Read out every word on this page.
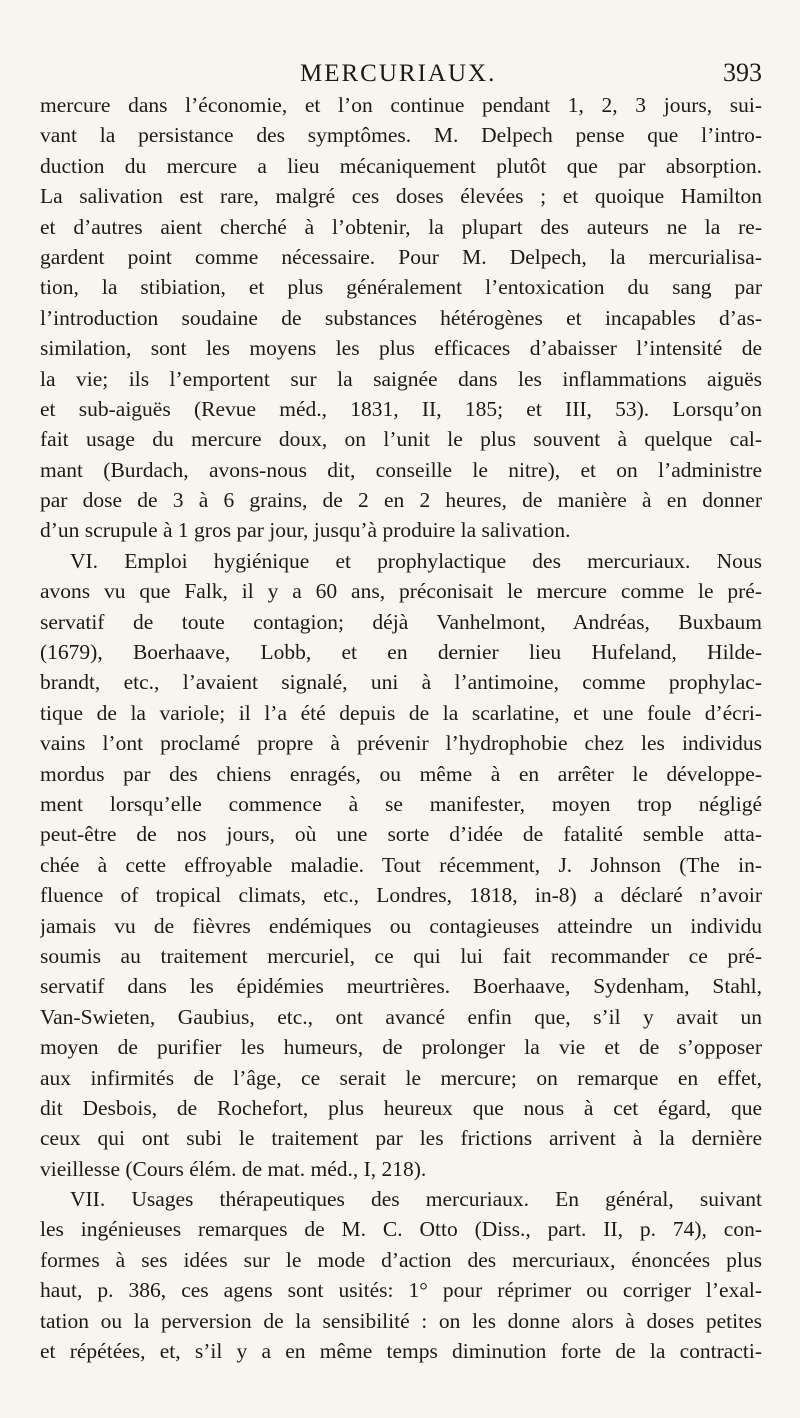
MERCURIAUX.	393
mercure dans l’économie, et l’on continue pendant 1, 2, 3 jours, sui-
vant la persistance des symptômes. M. Delpech pense que l’intro-
duction du mercure a lieu mécaniquement plutôt que par absorption.
La salivation est rare, malgré ces doses élevées ; et quoique Hamilton
et d’autres aient cherché à l’obtenir, la plupart des auteurs ne la re-
gardent point comme nécessaire. Pour M. Delpech, la mercurialisa-
tion, la stibiation, et plus généralement l’entoxication du sang par
l’introduction soudaine de substances hétérogènes et incapables d’as-
similation, sont les moyens les plus efficaces d’abaisser l’intensité de
la vie; ils l’emportent sur la saignée dans les inflammations aiguës
et sub-aiguës (Revue méd., 1831, II, 185; et III, 53). Lorsqu’on
fait usage du mercure doux, on l’unit le plus souvent à quelque cal-
mant (Burdach, avons-nous dit, conseille le nitre), et on l’administre
par dose de 3 à 6 grains, de 2 en 2 heures, de manière à en donner
d’un scrupule à 1 gros par jour, jusqu’à produire la salivation.
VI. Emploi hygiénique et prophylactique des mercuriaux. Nous
avons vu que Falk, il y a 60 ans, préconisait le mercure comme le pré-
servatif de toute contagion; déjà Vanhelmont, Andréas, Buxbaum
(1679), Boerhaave, Lobb, et en dernier lieu Hufeland, Hilde-
brandt, etc., l’avaient signalé, uni à l’antimoine, comme prophylac-
tique de la variole; il l’a été depuis de la scarlatine, et une foule d’écri-
vains l’ont proclamé propre à prévenir l’hydrophobie chez les individus
mordus par des chiens enragés, ou même à en arrêter le développe-
ment lorsqu’elle commence à se manifester, moyen trop négligé
peut-être de nos jours, où une sorte d’idée de fatalité semble atta-
chée à cette effroyable maladie. Tout récemment, J. Johnson (The in-
fluence of tropical climats, etc., Londres, 1818, in-8) a déclaré n’avoir
jamais vu de fièvres endémiques ou contagieuses atteindre un individu
soumis au traitement mercuriel, ce qui lui fait recommander ce pré-
servatif dans les épidémies meurtrières. Boerhaave, Sydenham, Stahl,
Van-Swieten, Gaubius, etc., ont avancé enfin que, s’il y avait un
moyen de purifier les humeurs, de prolonger la vie et de s’opposer
aux infirmités de l’âge, ce serait le mercure; on remarque en effet,
dit Desbois, de Rochefort, plus heureux que nous à cet égard, que
ceux qui ont subi le traitement par les frictions arrivent à la dernière
vieillesse (Cours élém. de mat. méd., I, 218).
VII. Usages thérapeutiques des mercuriaux. En général, suivant
les ingénieuses remarques de M. C. Otto (Diss., part. II, p. 74), con-
formes à ses idées sur le mode d’action des mercuriaux, énoncées plus
haut, p. 386, ces agens sont usités: 1° pour réprimer ou corriger l’exal-
tation ou la perversion de la sensibilité : on les donne alors à doses petites
et répétées, et, s’il y a en même temps diminution forte de la contracti-
